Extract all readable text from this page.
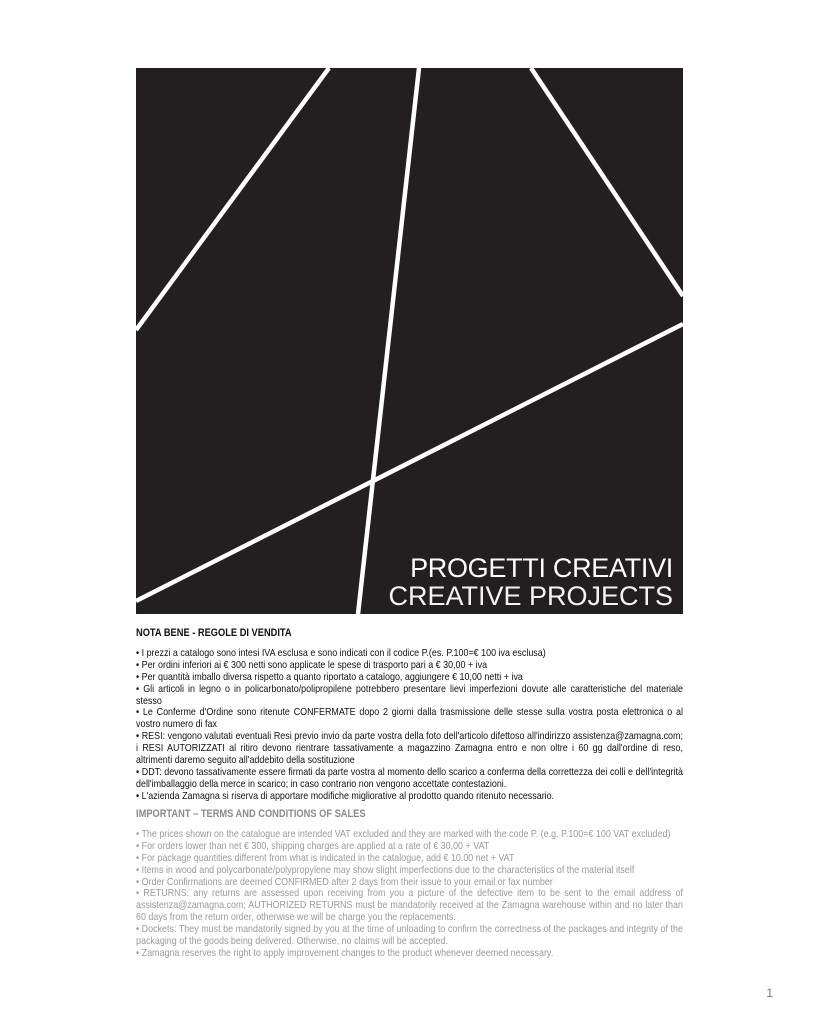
PROGETTI CREATIVI
CREATIVE PROJECTS
NOTA BENE - REGOLE DI VENDITA

• I prezzi a catalogo sono intesi IVA esclusa e sono indicati con il codice P.(es. P.100=€ 100 iva esclusa)

• Per ordini inferiori ai € 300 netti sono applicate le spese di trasporto pari a € 30,00 + iva

• Per quantità imballo diversa rispetto a quanto riportato a catalogo, aggiungere € 10,00 netti + iva

• Gli articoli in legno o in policarbonato/polipropilene potrebbero presentare lievi imperfezioni dovute alle caratteristiche del materiale stesso

• Le Conferme d'Ordine sono ritenute CONFERMATE dopo 2 giorni dalla trasmissione delle stesse sulla vostra posta elettronica o al vostro numero di fax

• RESI: vengono valutati eventuali Resi previo invio da parte vostra della foto dell'articolo difettoso all'indirizzo assistenza@zamagna.com; i RESI AUTORIZZATI al ritiro devono rientrare tassativamente a magazzino Zamagna entro e non oltre i 60 gg dall'ordine di reso, altrimenti daremo seguito all'addebito della sostituzione

• DDT: devono tassativamente essere firmati da parte vostra al momento dello scarico a conferma della correttezza dei colli e dell'integrità dell'imballaggio della merce in scarico; in caso contrario non vengono accettate contestazioni.

• L'azienda Zamagna si riserva di apportare modifiche migliorative al prodotto quando ritenuto necessario.

IMPORTANT – TERMS AND CONDITIONS OF SALES

• The prices shown on the catalogue are intended VAT excluded and they are marked with the code P. (e.g. P.100=€ 100 VAT excluded)

• For orders lower than net € 300, shipping charges are applied at a rate of € 30,00 + VAT

• For package quantities different from what is indicated in the catalogue, add € 10.00 net + VAT

• Items in wood and polycarbonate/polypropylene may show slight imperfections due to the characteristics of the material itself

• Order Confirmations are deemed CONFIRMED after 2 days from their issue to your email or fax number

• RETURNS: any returns are assessed upon receiving from you a picture of the defective item to be sent to the email address of assistenza@zamagna.com; AUTHORIZED RETURNS must be mandatorily received at the Zamagna warehouse within and no later than 60 days from the return order, otherwise we will be charge you the replacements.

• Dockets: They must be mandatorily signed by you at the time of unloading to confirm the correctness of the packages and integrity of the packaging of the goods being delivered. Otherwise, no claims will be accepted.

• Zamagna reserves the right to apply improvement changes to the product whenever deemed necessary.

1
